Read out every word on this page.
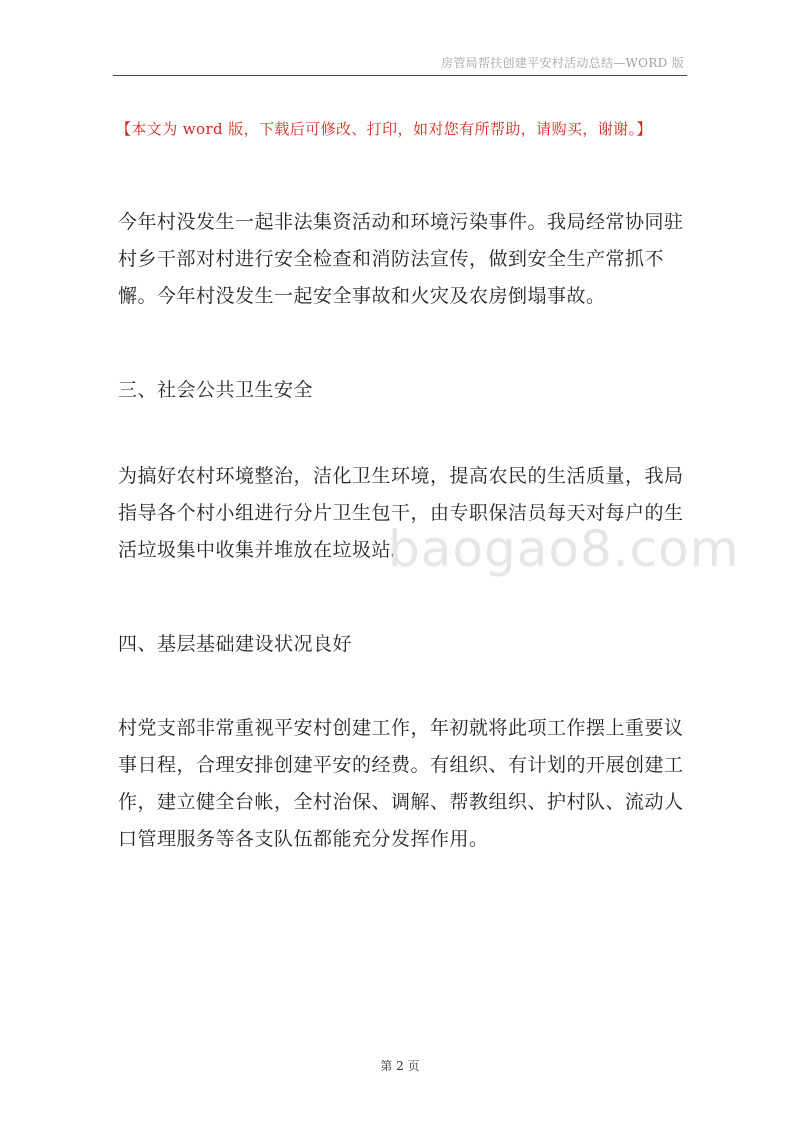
房管局帮扶创建平安村活动总结—WORD 版
【本文为 word 版，下载后可修改、打印，如对您有所帮助，请购买，谢谢。】

今年村没发生一起非法集资活动和环境污染事件。我局经常协同驻村乡干部对村进行安全检查和消防法宣传，做到安全生产常抓不懈。今年村没发生一起安全事故和火灾及农房倒塌事故。

三、社会公共卫生安全

为搞好农村环境整治，洁化卫生环境，提高农民的生活质量，我局指导各个村小组进行分片卫生包干，由专职保洁员每天对每户的生活垃圾集中收集并堆放在垃圾站。

baogao8.com

四、基层基础建设状况良好

村党支部非常重视平安村创建工作，年初就将此项工作摆上重要议事日程，合理安排创建平安的经费。有组织、有计划的开展创建工作，建立健全台帐，全村治保、调解、帮教组织、护村队、流动人口管理服务等各支队伍都能充分发挥作用。

第 2 页
